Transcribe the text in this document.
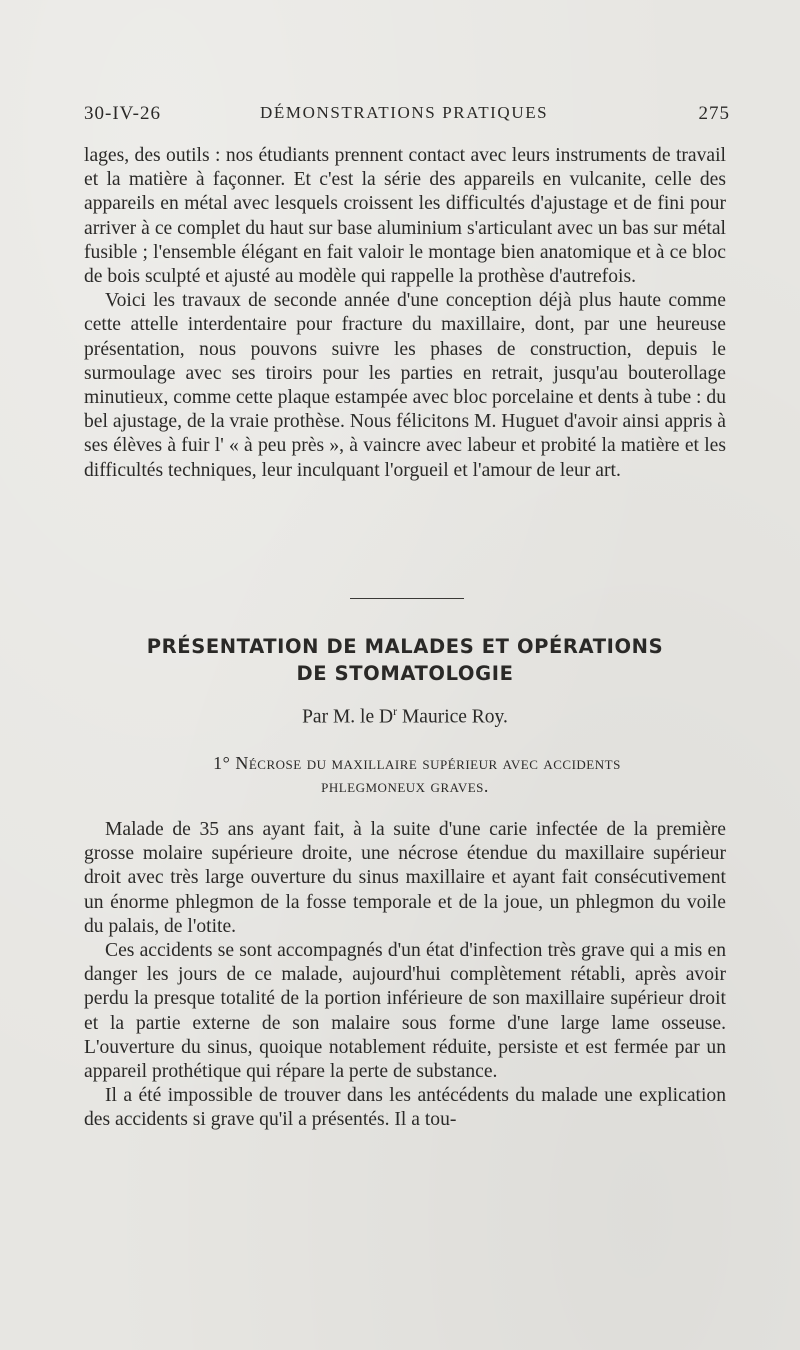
30-IV-26	DÉMONSTRATIONS PRATIQUES	275

lages, des outils : nos étudiants prennent contact avec leurs instruments de travail et la matière à façonner. Et c'est la série des appareils en vulcanite, celle des appareils en métal avec lesquels croissent les difficultés d'ajustage et de fini pour arriver à ce complet du haut sur base aluminium s'articulant avec un bas sur métal fusible ; l'ensemble élégant en fait valoir le montage bien anatomique et à ce bloc de bois sculpté et ajusté au modèle qui rappelle la prothèse d'autrefois.

Voici les travaux de seconde année d'une conception déjà plus haute comme cette attelle interdentaire pour fracture du maxillaire, dont, par une heureuse présentation, nous pouvons suivre les phases de construction, depuis le surmoulage avec ses tiroirs pour les parties en retrait, jusqu'au bouterollage minutieux, comme cette plaque estampée avec bloc porcelaine et dents à tube : du bel ajustage, de la vraie prothèse. Nous félicitons M. Huguet d'avoir ainsi appris à ses élèves à fuir l' « à peu près », à vaincre avec labeur et probité la matière et les difficultés techniques, leur inculquant l'orgueil et l'amour de leur art.

PRÉSENTATION DE MALADES ET OPÉRATIONS
DE STOMATOLOGIE
Par M. le $D^r$ Maurice Roy.
1° Nécrose du maxillaire supérieur avec accidents
phlegmoneux graves.

Malade de 35 ans ayant fait, à la suite d'une carie infectée de la première grosse molaire supérieure droite, une nécrose étendue du maxillaire supérieur droit avec très large ouverture du sinus maxillaire et ayant fait consécutivement un énorme phlegmon de la fosse temporale et de la joue, un phlegmon du voile du palais, de l'otite.

Ces accidents se sont accompagnés d'un état d'infection très grave qui a mis en danger les jours de ce malade, aujourd'hui complètement rétabli, après avoir perdu la presque totalité de la portion inférieure de son maxillaire supérieur droit et la partie externe de son malaire sous forme d'une large lame osseuse. L'ouverture du sinus, quoique notablement réduite, persiste et est fermée par un appareil prothétique qui répare la perte de substance.

Il a été impossible de trouver dans les antécédents du malade une explication des accidents si grave qu'il a présentés. Il a tou-
